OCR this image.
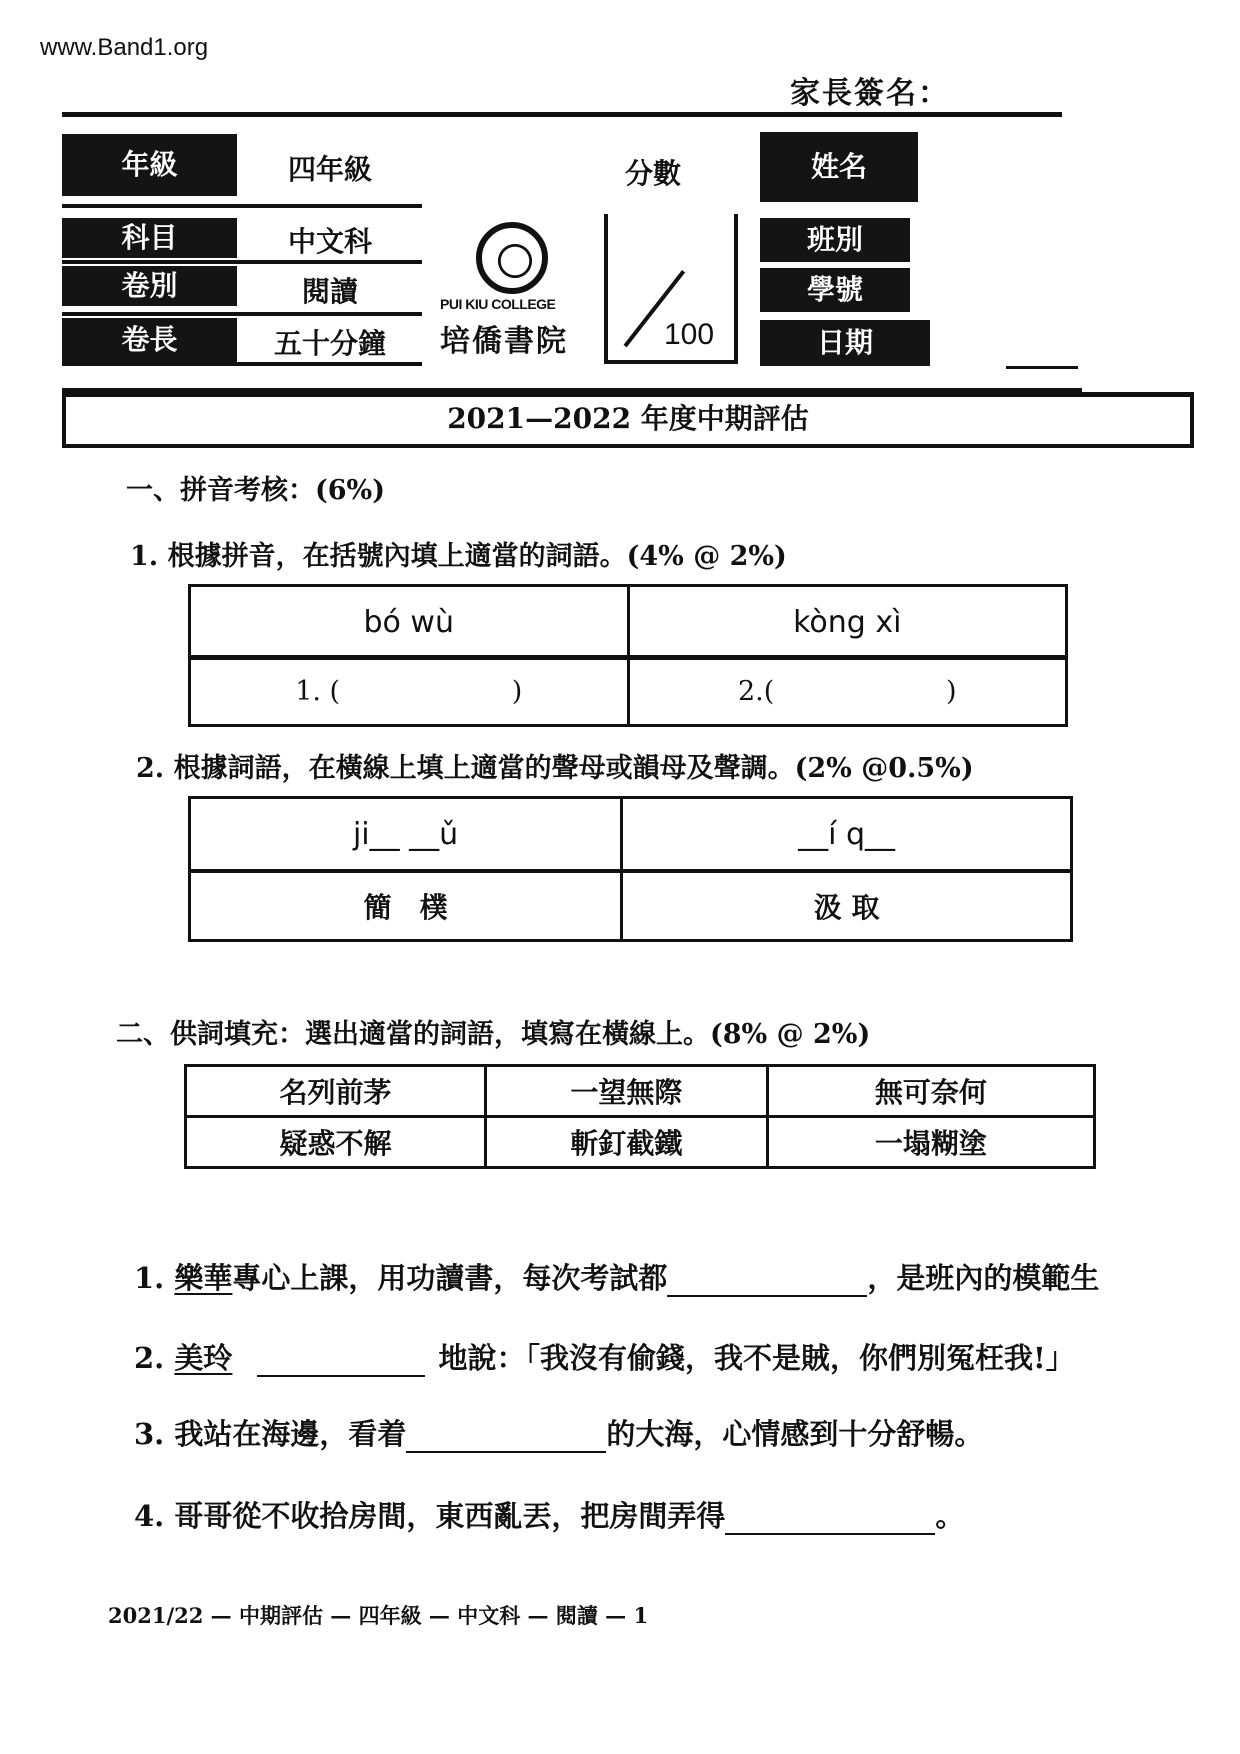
www.Band1.org
家長簽名：
年級	四年級
科目	中文科
卷別	閱讀
卷長	五十分鐘
PUI KIU COLLEGE
培僑書院
分數
100
姓名
班別
學號
日期
2021—2022 年度中期評估
一、拼音考核：(6%)
1. 根據拼音，在括號內填上適當的詞語。(4% @ 2%)
bó wù	kòng xì
1. (                    )	2.(                    )
2. 根據詞語，在橫線上填上適當的聲母或韻母及聲調。(2% @0.5%)
ji__ __ǔ	__í q__
簡　樸	汲 取
二、供詞填充：選出適當的詞語，填寫在橫線上。(8% @ 2%)
名列前茅	一望無際	無可奈何
疑惑不解	斬釘截鐵	一塌糊塗
1. 樂華專心上課，用功讀書，每次考試都	，是班內的模範生
2. 美玲	地說：「我沒有偷錢，我不是賊，你們別冤枉我!」
3. 我站在海邊，看着	的大海，心情感到十分舒暢。
4. 哥哥從不收拾房間，東西亂丟，把房間弄得	。
2021/22 — 中期評估 — 四年級 — 中文科 — 閱讀 — 1
